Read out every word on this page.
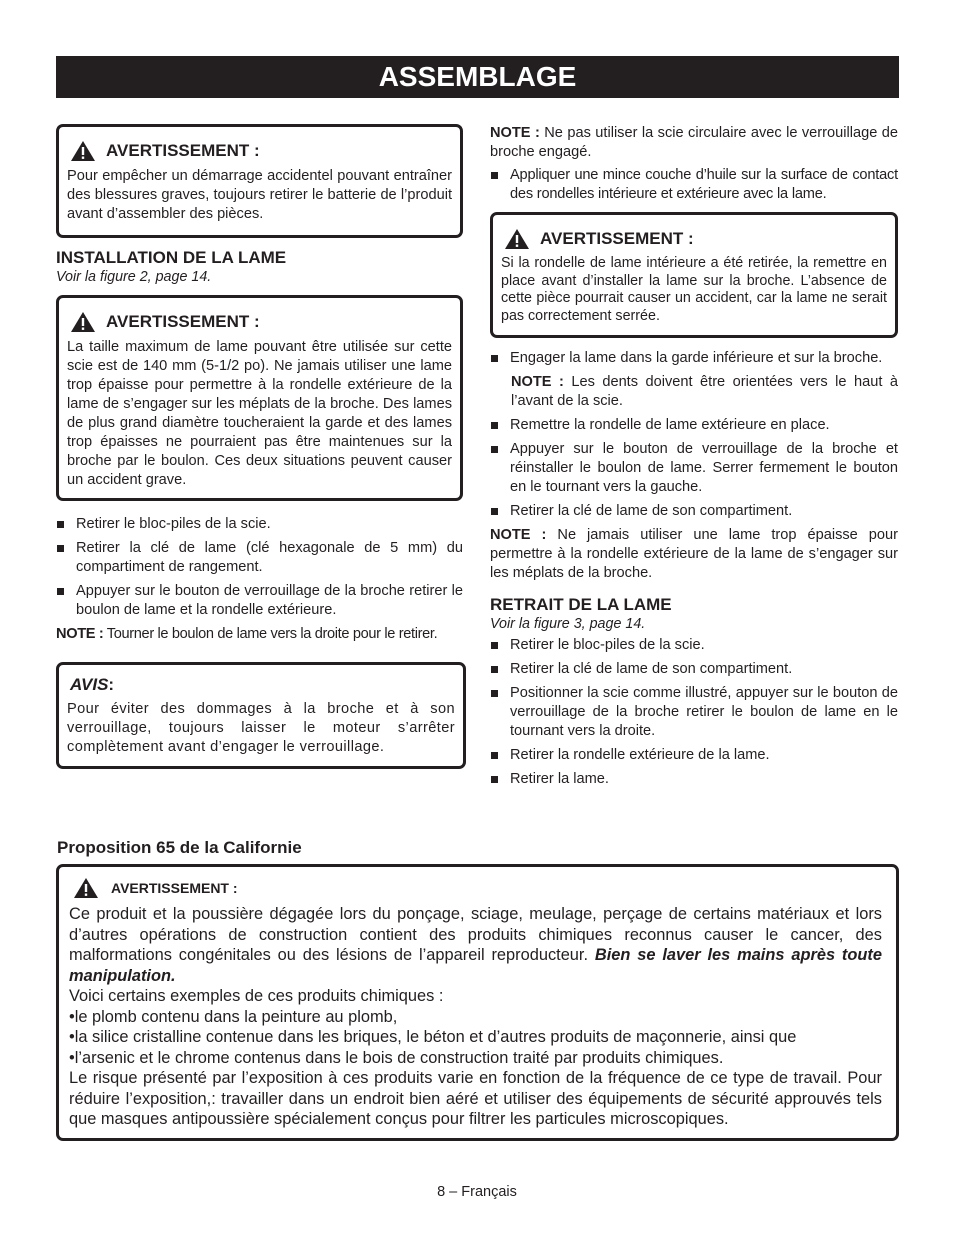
ASSEMBLAGE
AVERTISSEMENT :

Pour empêcher un démarrage accidentel pouvant entraîner des blessures graves, toujours retirer le batterie de l’produit avant d’assembler des pièces.

INSTALLATION DE LA LAME

Voir la figure 2, page 14.

AVERTISSEMENT :

La taille maximum de lame pouvant être utilisée sur cette scie est de 140 mm (5-1/2 po). Ne jamais utiliser une lame trop épaisse pour permettre à la rondelle extérieure de la lame de s’engager sur les méplats de la broche. Des lames de plus grand diamètre toucheraient la garde et des lames trop épaisses ne pourraient pas être maintenues sur la broche par le boulon. Ces deux situations peuvent causer un accident grave.

Retirer le bloc-piles de la scie.
Retirer la clé de lame (clé hexagonale de 5 mm) du compartiment de rangement.
Appuyer sur le bouton de verrouillage de la broche retirer le boulon de lame et la rondelle extérieure.

NOTE : Tourner le boulon de lame vers la droite pour le retirer.

AVIS :

Pour éviter des dommages à la broche et à son verrouillage, toujours laisser le moteur s’arrêter complètement avant d’engager le verrouillage.

NOTE : Ne pas utiliser la scie circulaire avec le verrouillage de broche engagé.

Appliquer une mince couche d’huile sur la surface de contact des rondelles intérieure et extérieure avec la lame.
AVERTISSEMENT :

Si la rondelle de lame intérieure a été retirée, la remettre en place avant d’installer la lame sur la broche. L’absence de cette pièce pourrait causer un accident, car la lame ne serait pas correctement serrée.

Engager la lame dans la garde inférieure et sur la broche.

NOTE : Les dents doivent être orientées vers le haut à l’avant de la scie.

Remettre la rondelle de lame extérieure en place.
Appuyer sur le bouton de verrouillage de la broche et réinstaller le boulon de lame. Serrer fermement le bouton en le tournant vers la gauche.
Retirer la clé de lame de son compartiment.

NOTE : Ne jamais utiliser une lame trop épaisse pour permettre à la rondelle extérieure de la lame de s’engager sur les méplats de la broche.

RETRAIT DE LA LAME

Voir la figure 3, page 14.

Retirer le bloc-piles de la scie.
Retirer la clé de lame de son compartiment.
Positionner la scie comme illustré, appuyer sur le bouton de verrouillage de la broche retirer le boulon de lame en le tournant vers la droite.
Retirer la rondelle extérieure de la lame.
Retirer la lame.
Proposition 65 de la Californie
AVERTISSEMENT :

Ce produit et la poussière dégagée lors du ponçage, sciage, meulage, perçage de certains matériaux et lors d’autres opérations de construction contient des produits chimiques reconnus causer le cancer, des malformations congénitales ou des lésions de l’appareil reproducteur. Bien se laver les mains après toute manipulation.

Voici certains exemples de ces produits chimiques :

•le plomb contenu dans la peinture au plomb,

•la silice cristalline contenue dans les briques, le béton et d’autres produits de maçonnerie, ainsi que

•l’arsenic et le chrome contenus dans le bois de construction traité par produits chimiques.

Le risque présenté par l’exposition à ces produits varie en fonction de la fréquence de ce type de travail. Pour réduire l’exposition,: travailler dans un endroit bien aéré et utiliser des équipements de sécurité approuvés tels que masques antipoussière spécialement conçus pour filtrer les particules microscopiques.

8 – Français
